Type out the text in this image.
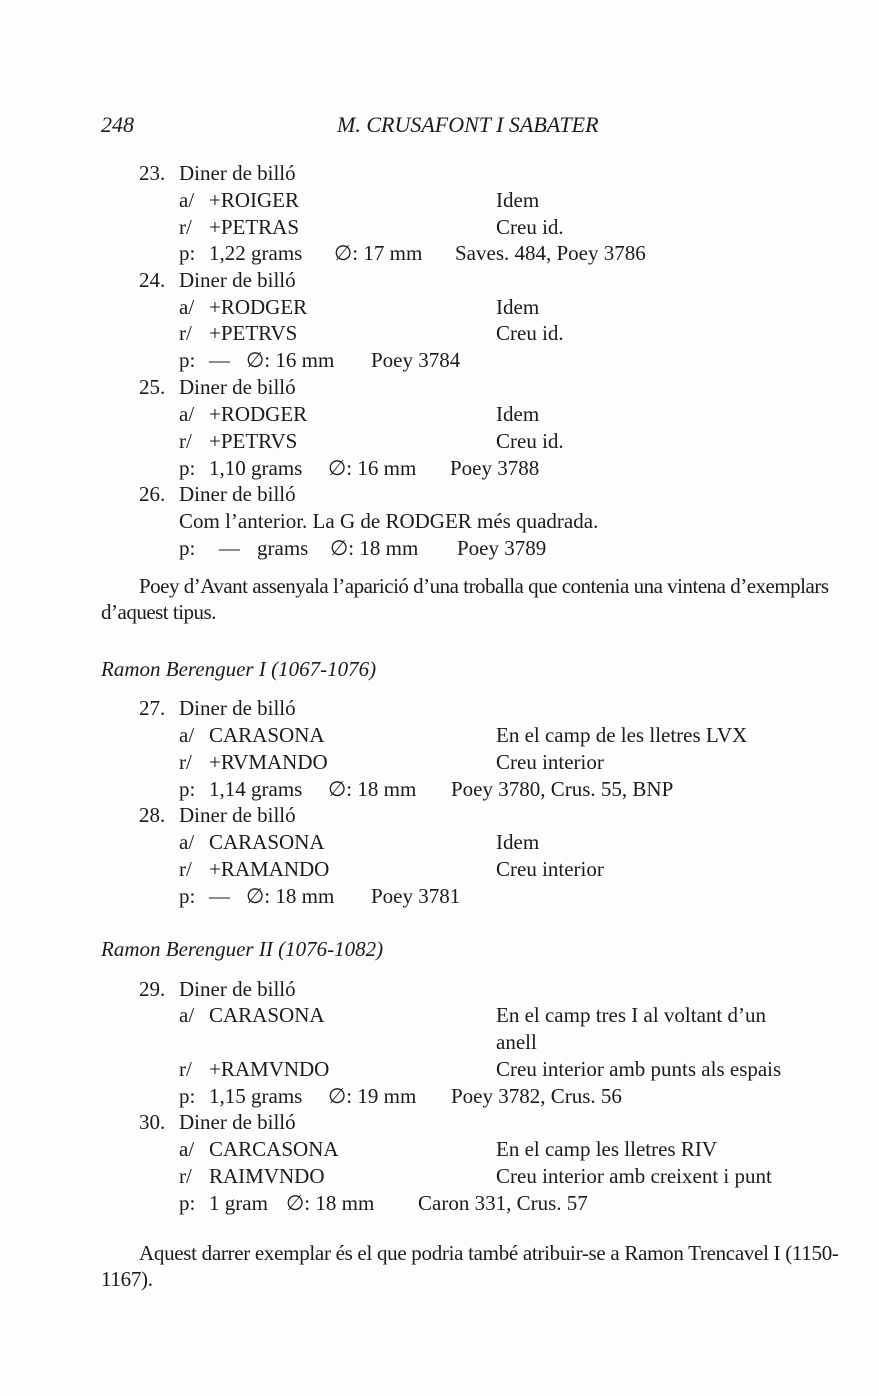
248	M. CRUSAFONT I SABATER
23. Diner de billó
a/ +ROIGER	Idem
r/ +PETRAS	Creu id.
p: 1,22 grams ∅: 17 mm Saves. 484, Poey 3786
24. Diner de billó
a/ +RODGER	Idem
r/ +PETRVS	Creu id.
p: — ∅: 16 mm Poey 3784
25. Diner de billó
a/ +RODGER	Idem
r/ +PETRVS	Creu id.
p: 1,10 grams ∅: 16 mm Poey 3788
26. Diner de billó
Com l’anterior. La G de RODGER més quadrada.
p: — grams ∅: 18 mm Poey 3789
Poey d’Avant assenyala l’aparició d’una troballa que contenia una vintena d’exemplars d’aquest tipus.
Ramon Berenguer I (1067-1076)
27. Diner de billó
a/ CARASONA	En el camp de les lletres LVX
r/ +RVMANDO	Creu interior
p: 1,14 grams ∅: 18 mm Poey 3780, Crus. 55, BNP
28. Diner de billó
a/ CARASONA	Idem
r/ +RAMANDO	Creu interior
p: — ∅: 18 mm Poey 3781
Ramon Berenguer II (1076-1082)
29. Diner de billó
a/ CARASONA	En el camp tres I al voltant d’un
anell
r/ +RAMVNDO	Creu interior amb punts als espais
p: 1,15 grams ∅: 19 mm Poey 3782, Crus. 56
30. Diner de billó
a/ CARCASONA	En el camp les lletres RIV
r/ RAIMVNDO	Creu interior amb creixent i punt
p: 1 gram ∅: 18 mm Caron 331, Crus. 57
Aquest darrer exemplar és el que podria també atribuir-se a Ramon Trencavel I (1150-1167).
